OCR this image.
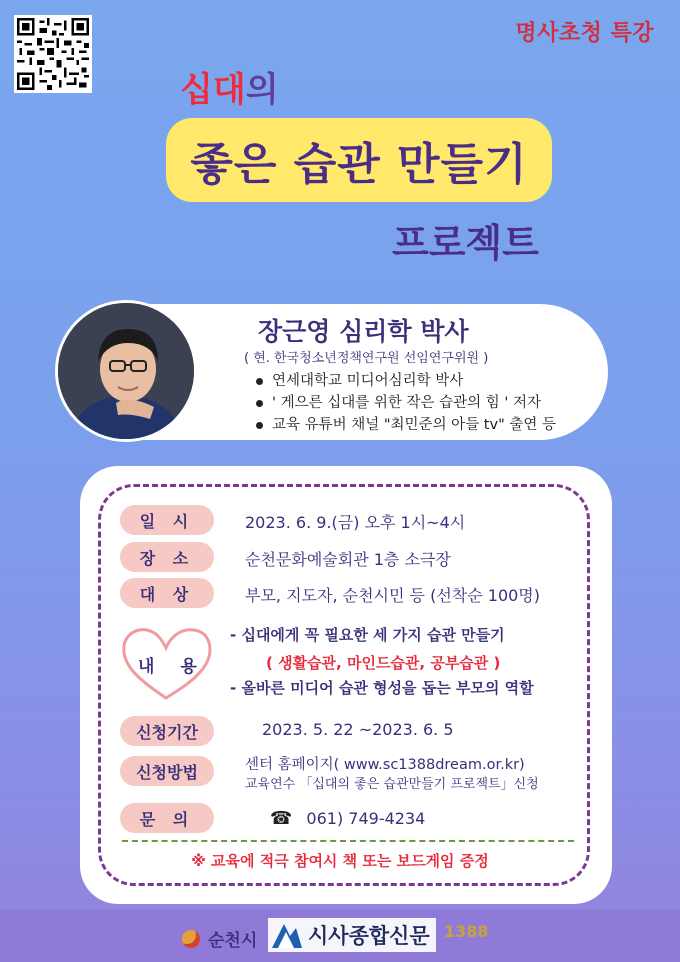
명사초청 특강
십대의
좋은 습관 만들기
프로젝트
장근영 심리학 박사
( 현. 한국청소년정책연구원 선임연구위원 )
연세대학교 미디어심리학 박사
' 게으른 십대를 위한 작은 습관의 힘 ' 저자
교육 유튜버 채널 "최민준의 아들 tv" 출연 등
일 시	2023. 6. 9.(금) 오후 1시~4시
장 소	순천문화예술회관 1층 소극장
대 상	부모, 지도자, 순천시민 등 (선착순 100명)
내 용
- 십대에게 꼭 필요한 세 가지 습관 만들기
( 생활습관, 마인드습관, 공부습관 )
- 올바른 미디어 습관 형성을 돕는 부모의 역할
신청기간	2023. 5. 22 ~2023. 6. 5
신청방법	센터 홈페이지( www.sc1388dream.or.kr)
교육연수 「십대의 좋은 습관만들기 프로젝트」신청
문 의	☎ 061) 749-4234
※ 교육에 적극 참여시 책 또는 보드게임 증정
순천시 시사종합신문 1388
